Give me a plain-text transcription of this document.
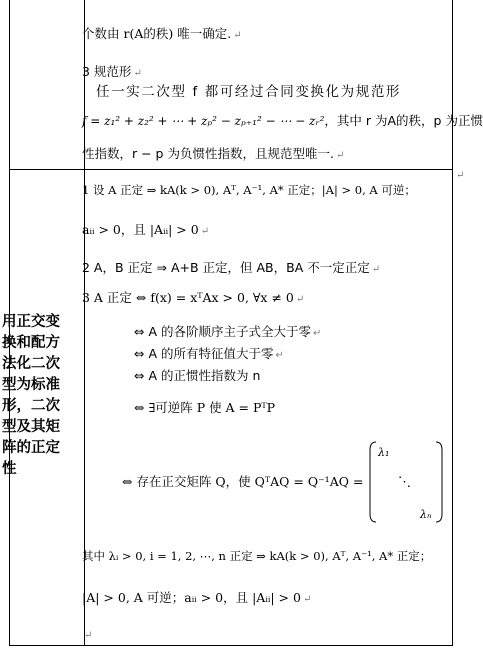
个数由 r(A的秩) 唯一确定. ↵
3 规范形 ↵
任一实二次型 f 都可经过合同变换化为规范形
f = z₁² + z₂² + ⋯ + zₚ² − zₚ₊₁² − ⋯ − zᵣ²，其中 r 为A的秩，p 为正惯
性指数，r − p 为负惯性指数，且规范型唯一. ↵
用正交变换和配方法化二次型为标准形，二次型及其矩阵的正定性
↵
1 设 A 正定 ⇒ kA(k > 0), Aᵀ, A⁻¹, A* 正定；|A| > 0, A 可逆；
aᵢᵢ > 0，且 |Aᵢᵢ| > 0 ↵
2 A，B 正定 ⇒ A+B 正定，但 AB，BA 不一定正定 ↵
3 A 正定 ⇔ f(x) = xᵀAx > 0, ∀x ≠ 0 ↵
⇔ A 的各阶顺序主子式全大于零 ↵
⇔ A 的所有特征值大于零 ↵
⇔ A 的正惯性指数为 n
⇔ ∃可逆阵 P 使 A = PᵀP
⇔ 存在正交矩阵 Q，使 QᵀAQ = Q⁻¹AQ =
λ₁
⋱
λₙ
其中 λᵢ > 0, i = 1, 2, ⋯, n 正定 ⇒ kA(k > 0), Aᵀ, A⁻¹, A* 正定；
|A| > 0, A 可逆；aᵢᵢ > 0，且 |Aᵢᵢ| > 0 ↵
↵
